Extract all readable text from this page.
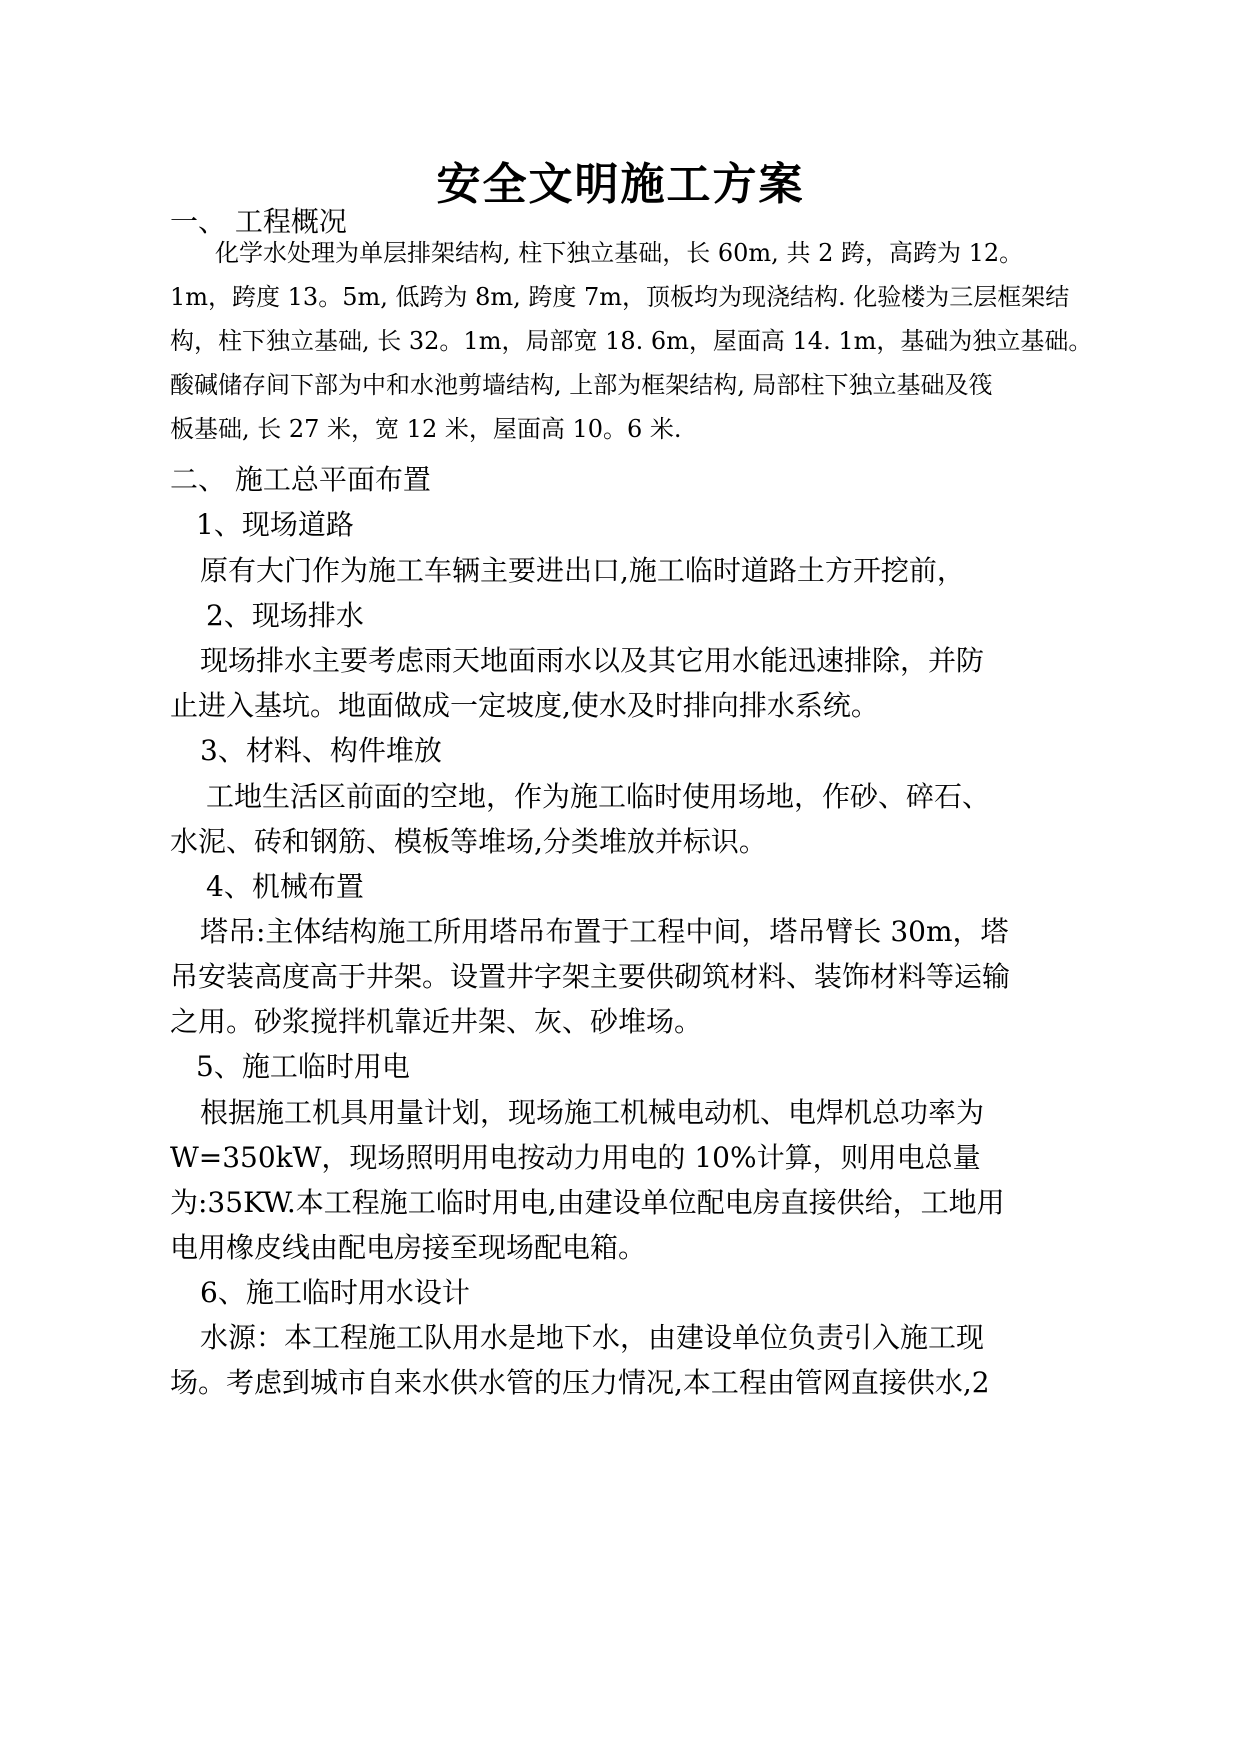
安全文明施工方案
一、 工程概况
化学水处理为单层排架结构, 柱下独立基础，长 60m, 共 2 跨，高跨为 12。
1m，跨度 13。5m, 低跨为 8m, 跨度 7m，顶板均为现浇结构. 化验楼为三层框架结
构，柱下独立基础, 长 32。1m，局部宽 18. 6m，屋面高 14. 1m，基础为独立基础。
酸碱储存间下部为中和水池剪墙结构, 上部为框架结构, 局部柱下独立基础及筏
板基础, 长 27 米，宽 12 米，屋面高 10。6 米.
二、 施工总平面布置
1、现场道路
原有大门作为施工车辆主要进出口,施工临时道路土方开挖前，
2、现场排水
现场排水主要考虑雨天地面雨水以及其它用水能迅速排除，并防
止进入基坑。地面做成一定坡度,使水及时排向排水系统。
3、材料、构件堆放
工地生活区前面的空地，作为施工临时使用场地，作砂、碎石、
水泥、砖和钢筋、模板等堆场,分类堆放并标识。
4、机械布置
塔吊:主体结构施工所用塔吊布置于工程中间，塔吊臂长 30m，塔
吊安装高度高于井架。设置井字架主要供砌筑材料、装饰材料等运输
之用。砂浆搅拌机靠近井架、灰、砂堆场。
5、施工临时用电
根据施工机具用量计划，现场施工机械电动机、电焊机总功率为
W=350kW，现场照明用电按动力用电的 10%计算，则用电总量
为:35KW.本工程施工临时用电,由建设单位配电房直接供给，工地用
电用橡皮线由配电房接至现场配电箱。
6、施工临时用水设计
水源：本工程施工队用水是地下水，由建设单位负责引入施工现
场。考虑到城市自来水供水管的压力情况,本工程由管网直接供水,2
